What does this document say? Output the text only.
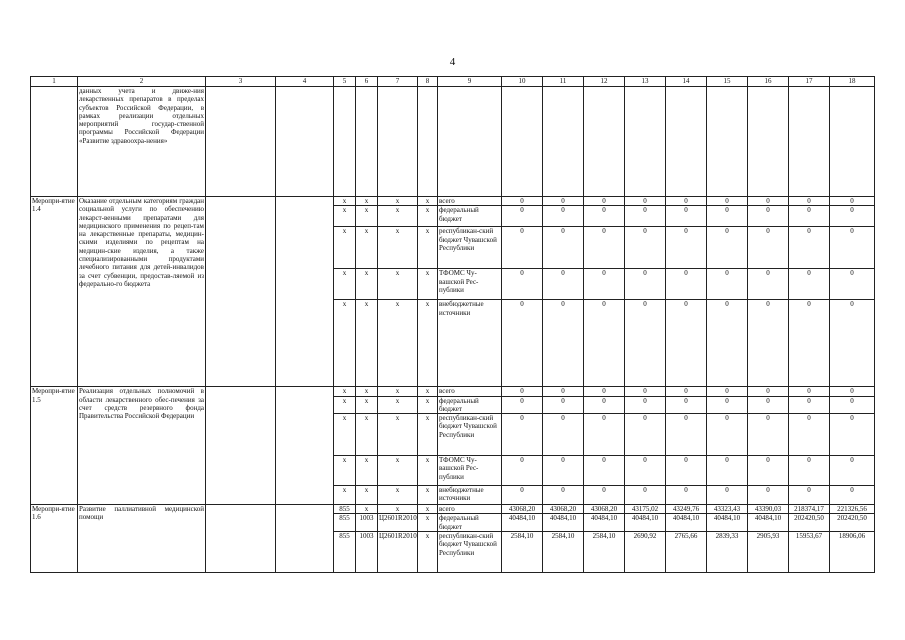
4
1	2	3	4	5	6	7	8	9	10	11	12	13	14	15	16	17	18
	данных учета и движе-ния лекарственных препаратов в пределах субъектов Российской Федерации, в рамках реализации отдельных мероприятий государ-ственной программы Российской Федерации «Развитие здравоохра-нения»																
Меропри-ятие 1.4	Оказание отдельным категориям граждан социальной услуги по обеспечению лекарст-венными препаратами для медицинского применения по рецеп-там на лекарственные препараты, медицин-скими изделиями по рецептам на медицин-ские изделия, а также специализированными продуктами лечебного питания для детей-инвалидов за счет субвенции, предостав-ляемой из федерально-го бюджета			x	x	x	x	всего	0	0	0	0	0	0	0	0	0
				x	x	x	x	федеральный бюджет	0	0	0	0	0	0	0	0	0
				x	x	x	x	республикан-ский бюджет Чувашской Республики	0	0	0	0	0	0	0	0	0
				x	x	x	x	ТФОМС Чу-вашской Рес-публики	0	0	0	0	0	0	0	0	0
				x	x	x	x	внебюджетные источники	0	0	0	0	0	0	0	0	0
Меропри-ятие 1.5	Реализация отдельных полномочий в области лекарственного обес-печения за счет средств резервного фонда Правительства Российской Федерации			x	x	x	x	всего	0	0	0	0	0	0	0	0	0
				x	x	x	x	федеральный бюджет	0	0	0	0	0	0	0	0	0
				x	x	x	x	республикан-ский бюджет Чувашской Республики	0	0	0	0	0	0	0	0	0
				x	x	x	x	ТФОМС Чу-вашской Рес-публики	0	0	0	0	0	0	0	0	0
				x	x	x	x	внебюджетные источники	0	0	0	0	0	0	0	0	0
Меропри-ятие 1.6	Развитие паллиативной медицинской помощи			855	x	x	x	всего	43068,20	43068,20	43068,20	43175,02	43249,76	43323,43	43390,03	218374,17	221326,56
				855	1003	Ц2601R2010	x	федеральный бюджет	40484,10	40484,10	40484,10	40484,10	40484,10	40484,10	40484,10	202420,50	202420,50
				855	1003	Ц2601R2010	x	республикан-ский бюджет Чувашской Республики	2584,10	2584,10	2584,10	2690,92	2765,66	2839,33	2905,93	15953,67	18906,06
